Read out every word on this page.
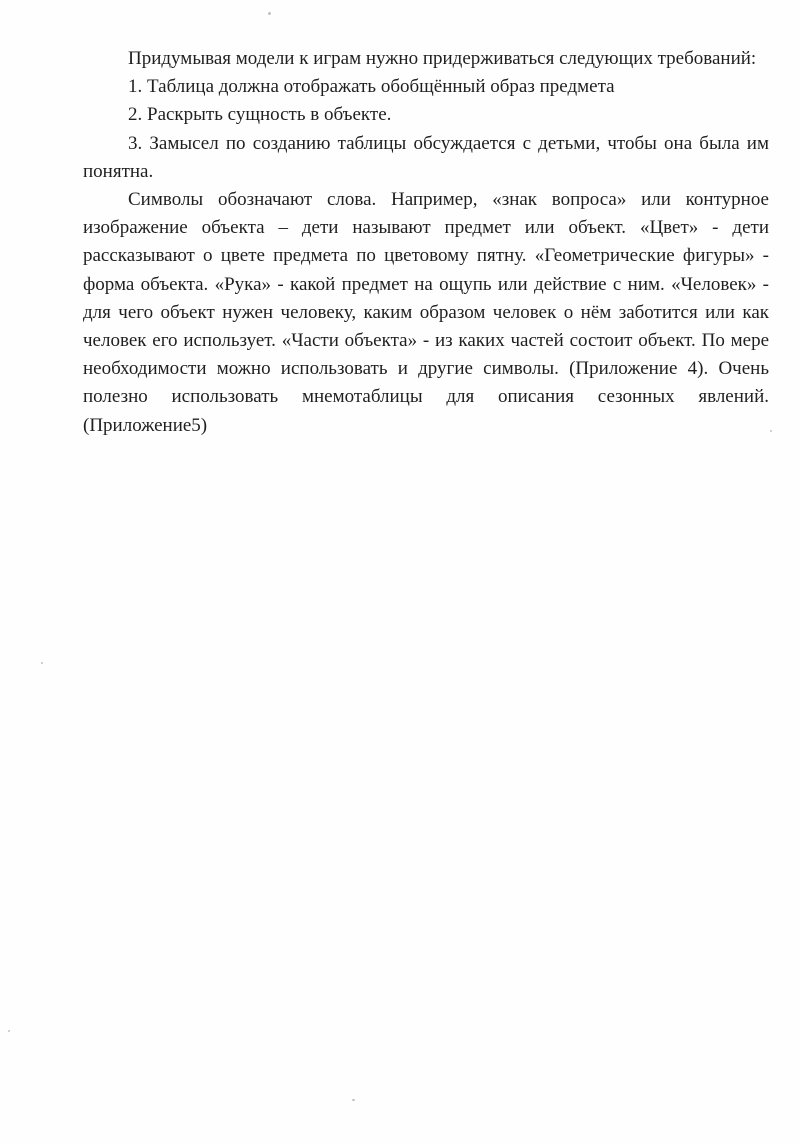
Придумывая модели к играм нужно придерживаться следующих требований:

1. Таблица должна отображать обобщённый образ предмета

2. Раскрыть сущность в объекте.

3. Замысел по созданию таблицы обсуждается с детьми, чтобы она была им понятна.

Символы обозначают слова. Например, «знак вопроса» или контурное изображение объекта – дети называют предмет или объект. «Цвет» - дети рассказывают о цвете предмета по цветовому пятну. «Геометрические фигуры» - форма объекта. «Рука» - какой предмет на ощупь или действие с ним. «Человек» - для чего объект нужен человеку, каким образом человек о нём заботится или как человек его использует. «Части объекта» - из каких частей состоит объект. По мере необходимости можно использовать и другие символы. (Приложение 4). Очень полезно использовать мнемотаблицы для описания сезонных явлений. (Приложение5)
